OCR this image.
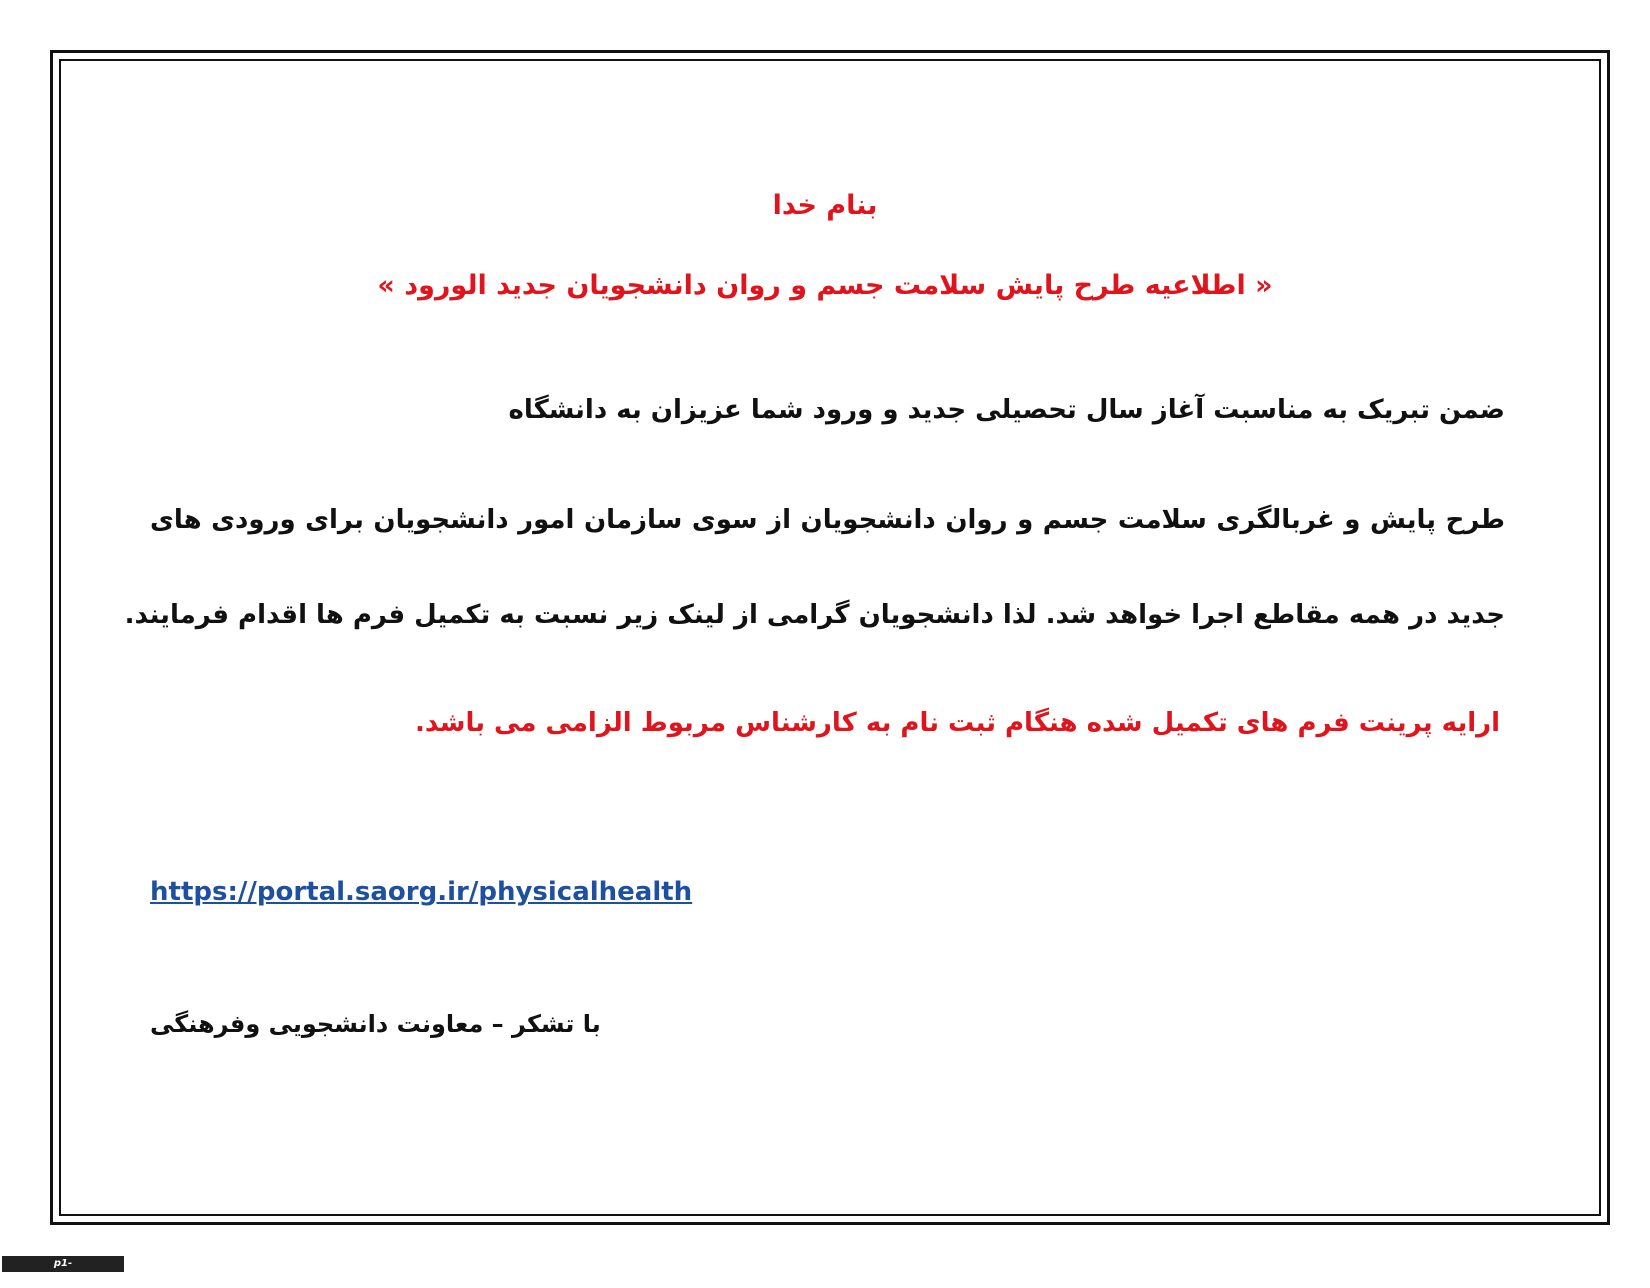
بنام خدا

« اطلاعیه طرح پایش سلامت جسم و روان دانشجویان جدید الورود »

ضمن تبریک به مناسبت آغاز سال تحصیلی جدید و ورود شما عزیزان به دانشگاه

طرح پایش و غربالگری سلامت جسم و روان دانشجویان از سوی سازمان امور دانشجویان برای ورودی های

جدید در همه مقاطع اجرا خواهد شد. لذا دانشجویان گرامی از لینک زیر نسبت به تکمیل فرم ها اقدام فرمایند.

ارایه پرینت فرم های تکمیل شده هنگام ثبت نام به کارشناس مربوط الزامی می باشد.

https://portal.saorg.ir/physicalhealth

با تشکر – معاونت دانشجویی وفرهنگی

p1-orumiyeh.tvu.ac.ir
